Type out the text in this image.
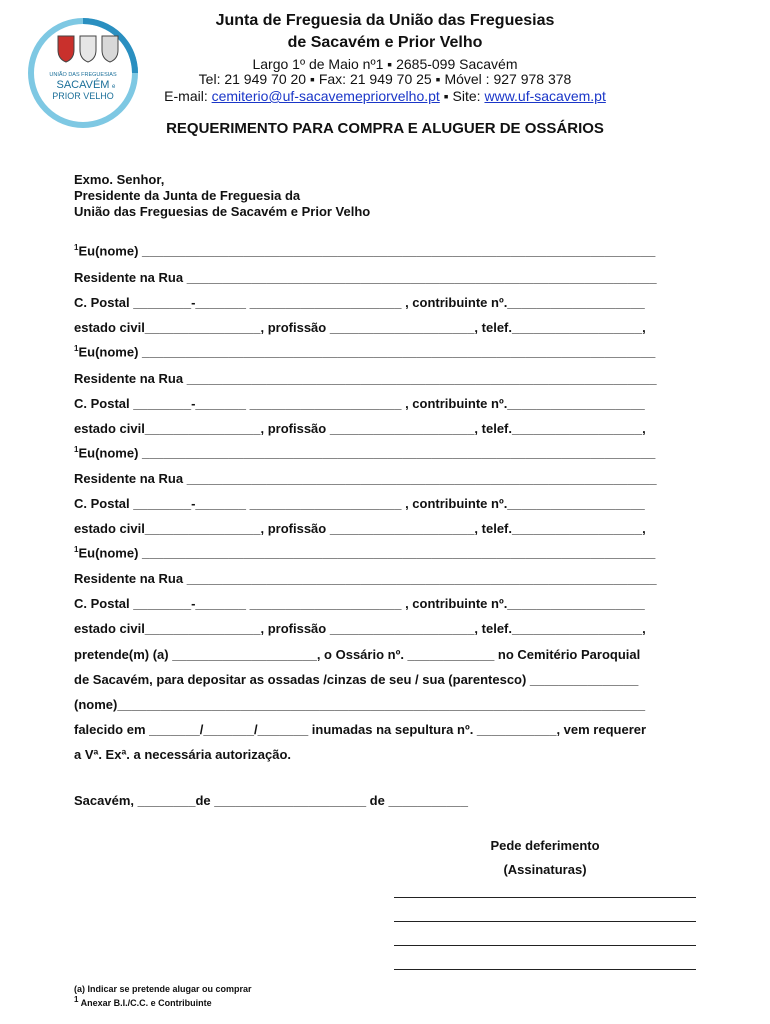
UNIÃO DAS FREGUESIAS
SACAVÉM e
PRIOR VELHO
Junta de Freguesia da União das Freguesias
de Sacavém e Prior Velho
Largo 1º de Maio nº1 ▪ 2685-099 Sacavém
Tel: 21 949 70 20 ▪ Fax: 21 949 70 25 ▪ Móvel : 927 978 378
E-mail: cemiterio@uf-sacavemepriorvelho.pt ▪ Site: www.uf-sacavem.pt
REQUERIMENTO PARA COMPRA E ALUGUER DE OSSÁRIOS
Exmo. Senhor,
Presidente da Junta de Freguesia da
União das Freguesias de Sacavém e Prior Velho
$^1$Eu(nome) _______________________________________________________________________
Residente na Rua _________________________________________________________________
C. Postal ________-_______ _____________________ , contribuinte nº.___________________
estado civil________________, profissão ____________________, telef.__________________,
$^1$Eu(nome) _______________________________________________________________________
Residente na Rua _________________________________________________________________
C. Postal ________-_______ _____________________ , contribuinte nº.___________________
estado civil________________, profissão ____________________, telef.__________________,
$^1$Eu(nome) _______________________________________________________________________
Residente na Rua _________________________________________________________________
C. Postal ________-_______ _____________________ , contribuinte nº.___________________
estado civil________________, profissão ____________________, telef.__________________,
$^1$Eu(nome) _______________________________________________________________________
Residente na Rua _________________________________________________________________
C. Postal ________-_______ _____________________ , contribuinte nº.___________________
estado civil________________, profissão ____________________, telef.__________________,
pretende(m) (a) ____________________, o Ossário nº. ____________ no Cemitério Paroquial
de Sacavém, para depositar as ossadas /cinzas de seu / sua (parentesco) _______________
(nome)_________________________________________________________________________
falecido em _______/_______/_______ inumadas na sepultura nº. ___________, vem requerer
a Vª. Exª. a necessária autorização.
Sacavém, ________de _____________________ de ___________
Pede deferimento
(Assinaturas)
(a) Indicar se pretende alugar ou comprar
$^1$ Anexar B.I./C.C. e Contribuinte
